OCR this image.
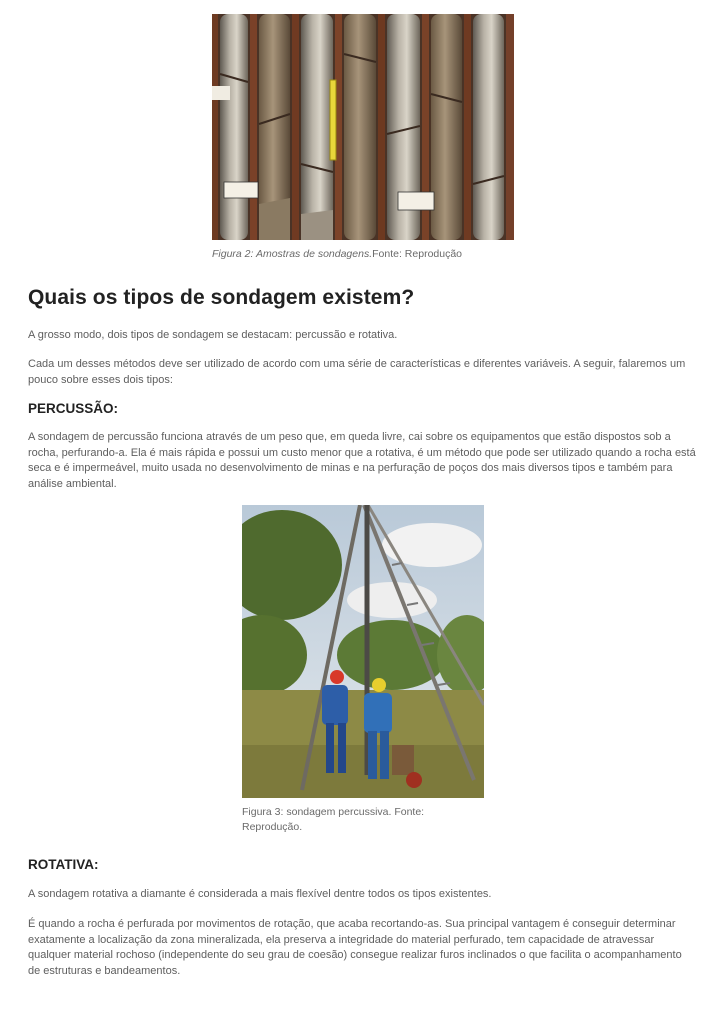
Figura 2: Amostras de sondagens.Fonte: Reprodução
Quais os tipos de sondagem existem?

A grosso modo, dois tipos de sondagem se destacam: percussão e rotativa.

Cada um desses métodos deve ser utilizado de acordo com uma série de características e diferentes variáveis. A seguir, falaremos um pouco sobre esses dois tipos:

PERCUSSÃO:

A sondagem de percussão funciona através de um peso que, em queda livre, cai sobre os equipamentos que estão dispostos sob a rocha, perfurando-a. Ela é mais rápida e possui um custo menor que a rotativa, é um método que pode ser utilizado quando a rocha está seca e é impermeável, muito usada no desenvolvimento de minas e na perfuração de poços dos mais diversos tipos e também para análise ambiental.

Figura 3: sondagem percussiva. Fonte: Reprodução.
ROTATIVA:

A sondagem rotativa a diamante é considerada a mais flexível dentre todos os tipos existentes.

É quando a rocha é perfurada por movimentos de rotação, que acaba recortando-as. Sua principal vantagem é conseguir determinar exatamente a localização da zona mineralizada, ela preserva a integridade do material perfurado, tem capacidade de atravessar qualquer material rochoso (independente do seu grau de coesão) consegue realizar furos inclinados o que facilita o acompanhamento de estruturas e bandeamentos.
